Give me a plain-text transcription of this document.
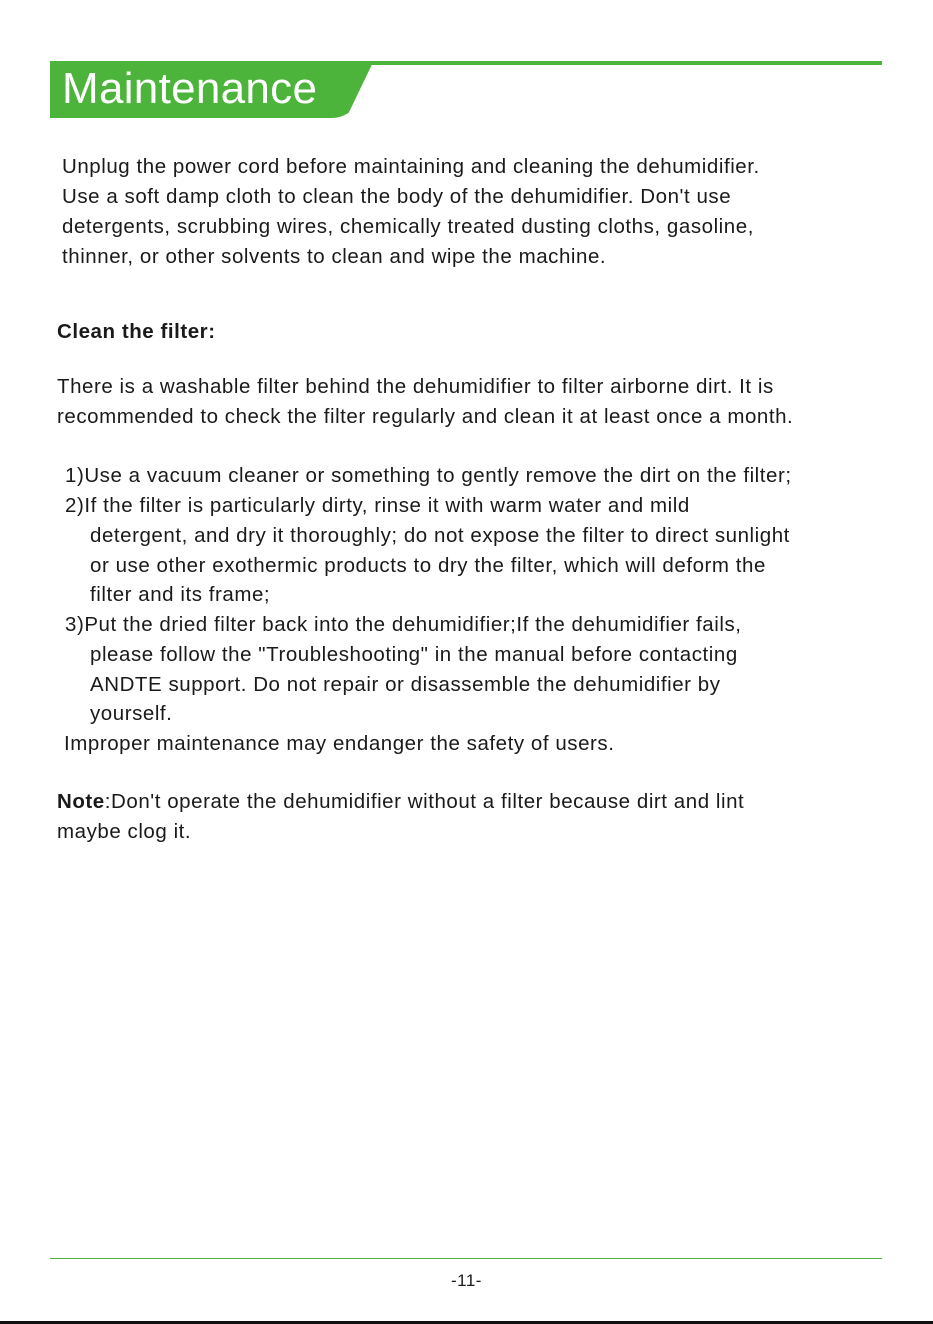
Maintenance
Unplug the power cord before maintaining and cleaning the dehumidifier.
Use a soft damp cloth to clean the body of the dehumidifier. Don't use
detergents, scrubbing wires, chemically treated dusting cloths, gasoline,
thinner, or other solvents to clean and wipe the machine.
Clean the filter:
There is a washable filter behind the dehumidifier to filter airborne dirt. It is
recommended to check the filter regularly and clean it at least once a month.
1)Use a vacuum cleaner or something to gently remove the dirt on the filter;
2)If the filter is particularly dirty, rinse it with warm water and mild
detergent, and dry it thoroughly; do not expose the filter to direct sunlight
or use other exothermic products to dry the filter, which will deform the
filter and its frame;
3)Put the dried filter back into the dehumidifier;If the dehumidifier fails,
please follow the "Troubleshooting" in the manual before contacting
ANDTE support. Do not repair or disassemble the dehumidifier by
yourself.
Improper maintenance may endanger the safety of users.
Note:Don't operate the dehumidifier without a filter because dirt and lint
maybe clog it.
-11-
